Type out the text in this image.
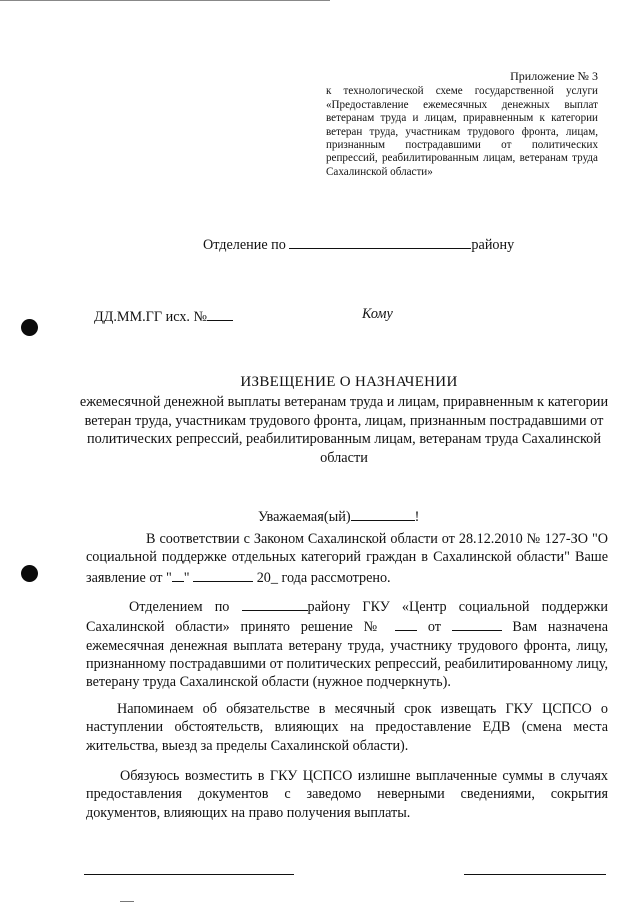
Приложение № 3
к технологической схеме государственной услуги «Предоставление ежемесячных денежных выплат ветеранам труда и лицам, приравненным к категории ветеран труда, участникам трудового фронта, лицам, признанным пострадавшими от политических репрессий, реабилитированным лицам, ветеранам труда Сахалинской области»
Отделение по	району
ДД.ММ.ГГ исх. №	Кому
ИЗВЕЩЕНИЕ О НАЗНАЧЕНИИ
ежемесячной денежной выплаты ветеранам труда и лицам, приравненным к категории ветеран труда, участникам трудового фронта, лицам, признанным пострадавшими от политических репрессий, реабилитированным лицам, ветеранам труда Сахалинской области
Уважаемая(ый)	!
В соответствии с Законом Сахалинской области от 28.12.2010 № 127-ЗО "О социальной поддержке отдельных категорий граждан в Сахалинской области" Ваше заявление от " "	20_ года рассмотрено.
Отделением по	району ГКУ «Центр социальной поддержки Сахалинской области» принято решение №	от	Вам назначена ежемесячная денежная выплата ветерану труда, участнику трудового фронта, лицу, признанному пострадавшими от политических репрессий, реабилитированному лицу, ветерану труда Сахалинской области (нужное подчеркнуть).
Напоминаем об обязательстве в месячный срок извещать ГКУ ЦСПСО о наступлении обстоятельств, влияющих на предоставление ЕДВ (смена места жительства, выезд за пределы Сахалинской области).
Обязуюсь возместить в ГКУ ЦСПСО излишне выплаченные суммы в случаях предоставления документов с заведомо неверными сведениями, сокрытия документов, влияющих на право получения выплаты.
